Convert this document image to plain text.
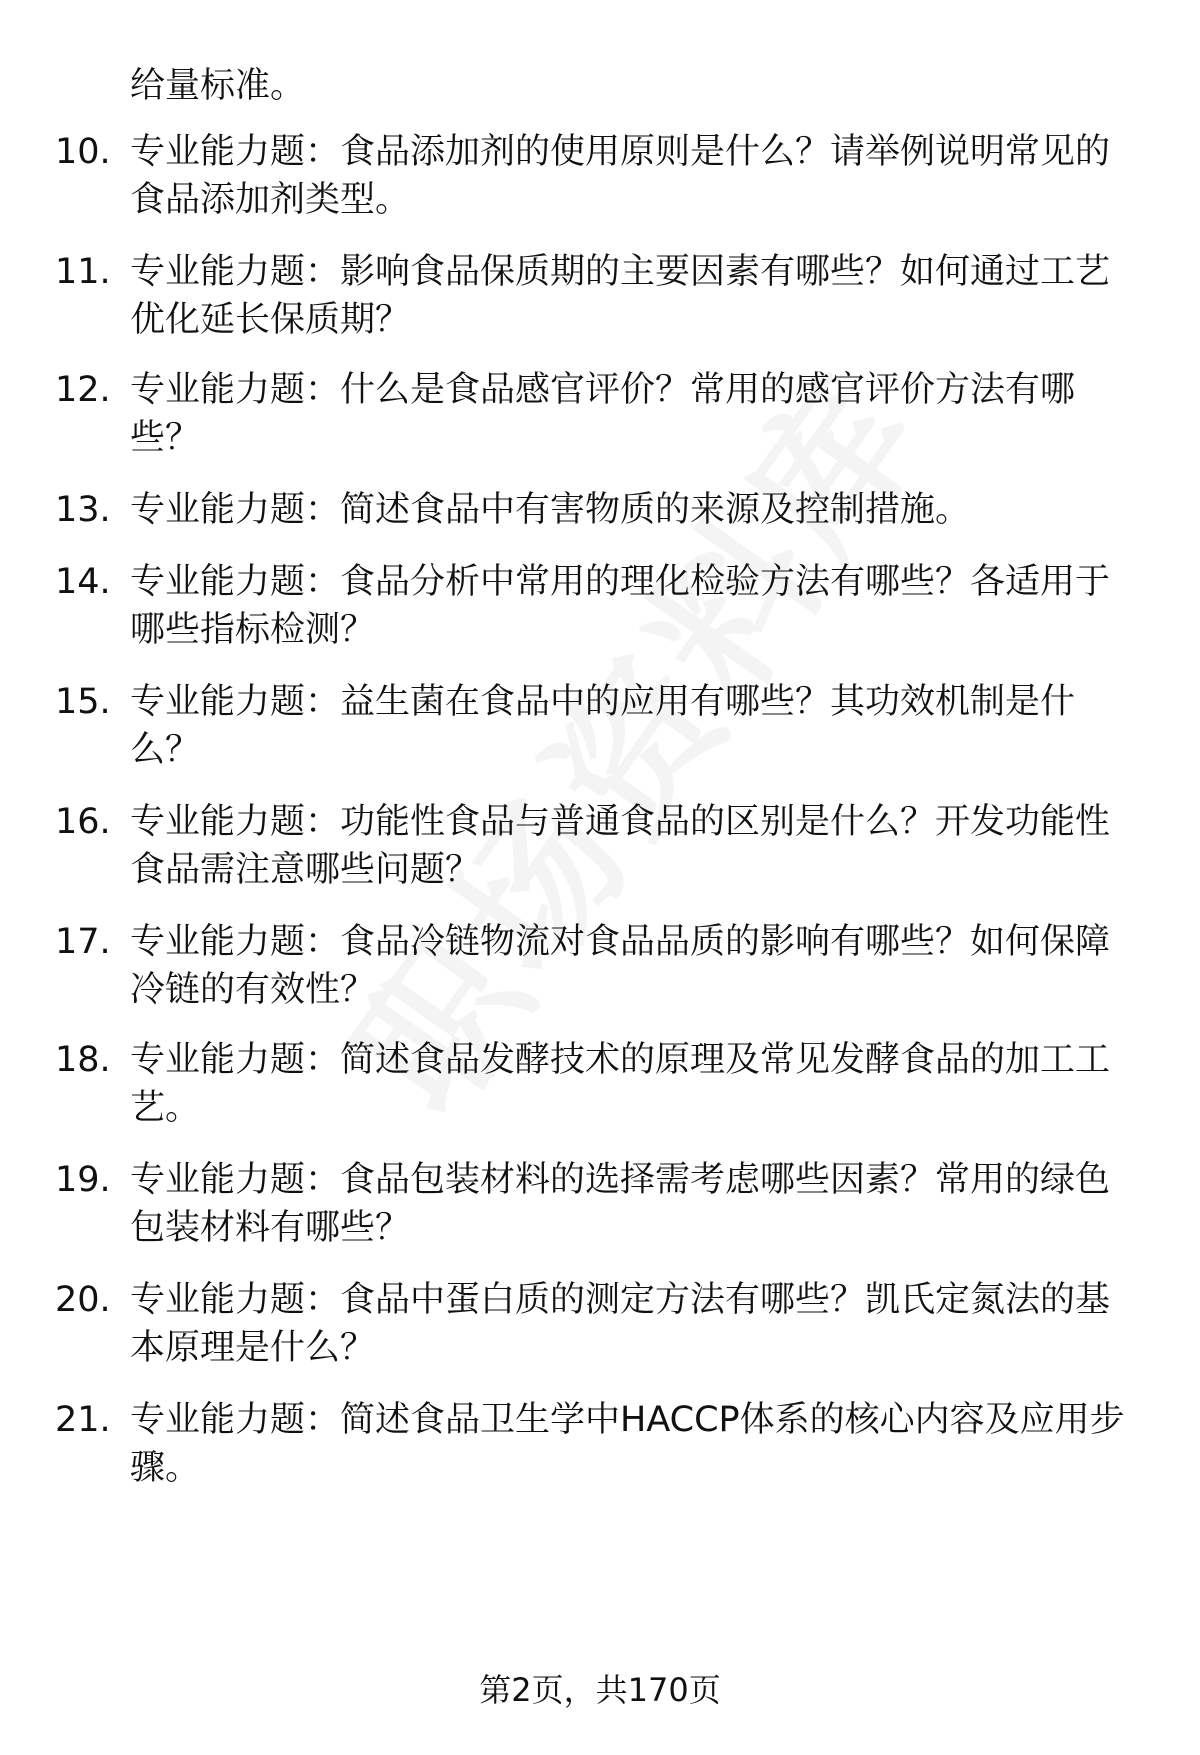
给量标准。
10. 专业能力题：食品添加剂的使用原则是什么？请举例说明常见的
食品添加剂类型。
11. 专业能力题：影响食品保质期的主要因素有哪些？如何通过工艺
优化延长保质期？
12. 专业能力题：什么是食品感官评价？常用的感官评价方法有哪
些？
13. 专业能力题：简述食品中有害物质的来源及控制措施。
14. 专业能力题：食品分析中常用的理化检验方法有哪些？各适用于
哪些指标检测？
15. 专业能力题：益生菌在食品中的应用有哪些？其功效机制是什
么？
16. 专业能力题：功能性食品与普通食品的区别是什么？开发功能性
食品需注意哪些问题？
17. 专业能力题：食品冷链物流对食品品质的影响有哪些？如何保障
冷链的有效性？
18. 专业能力题：简述食品发酵技术的原理及常见发酵食品的加工工
艺。
19. 专业能力题：食品包装材料的选择需考虑哪些因素？常用的绿色
包装材料有哪些？
20. 专业能力题：食品中蛋白质的测定方法有哪些？凯氏定氮法的基
本原理是什么？
21. 专业能力题：简述食品卫生学中HACCP体系的核心内容及应用步
骤。
第2页，共170页
